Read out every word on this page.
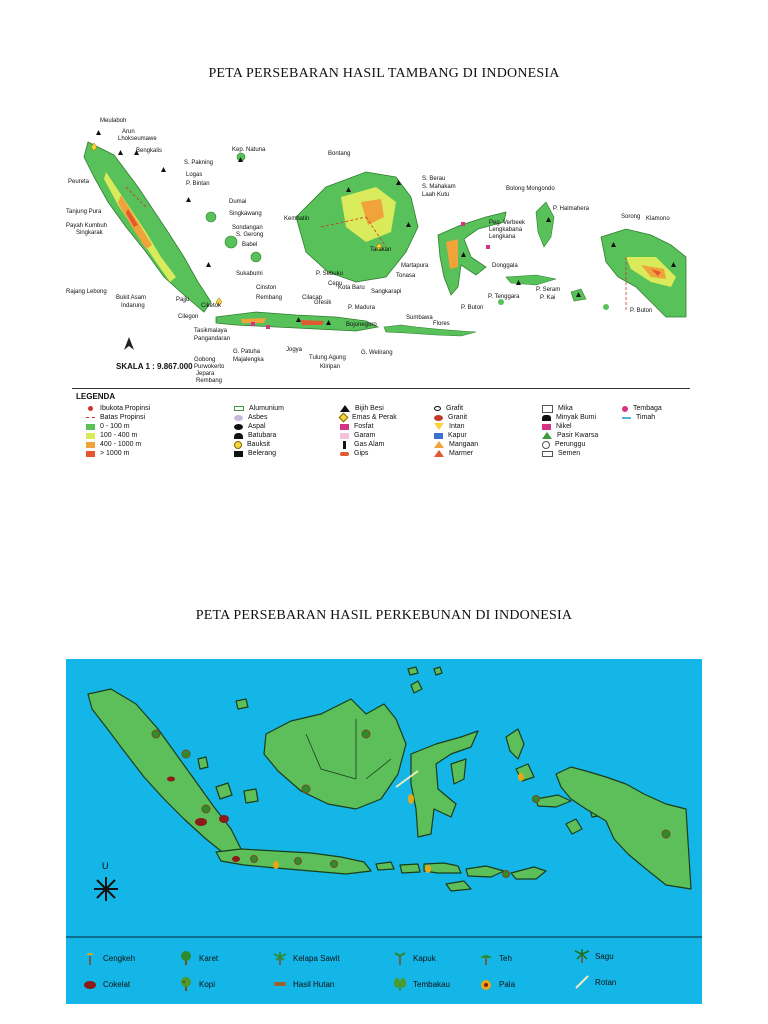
PETA PERSEBARAN HASIL TAMBANG DI INDONESIA
Meulaboh
Arun
Lhokseumawe
Bengkalis
Peureta
S. Pakning
Logas
P. Bintan
Kep. Natuna
Bontang
S. Berau
S. Mahakam
Laah Kutu
Bolong Mongondo
P. Halmahera
Sorong Klamono
Tanjung Pura
Payah Kumbuh
Singkarak
Dumai
Singkawang
S. Gerong
Sondangan
Babel
Rajang Lebong
Bukit Asam
Indarung
Kembatin
Tarakan
Peg. Verbeek
Lengkabana
Lengkana
Martapura	Donggala
P. Seram
P. Kai
P. Tenggara
Sukabumi	P. Sebuku	Tonasa
Sangkarapi
Cepu
Kota Baru
Cinston
Rembang	Cilacap
Gresik
P. Madura
Sumbawa
P. Buton
Pajju
Ciketok
Cilegon
Tasikmalaya
Pangandaran
Flores
G. Patuha
Majalengka
Jogya
Bojonegoro
Tulung Agung
G. Welirang
Kliripan
Gobong
Purwokerto
Jepara
Rembang
P. Buton
SKALA 1 : 9.867.000
LEGENDA
Ibukota Propinsi
Batas Propinsi
0 - 100 m
100 - 400 m
400 - 1000 m
> 1000 m
Alumunium
Asbes
Aspal
Batubara
Bauksit
Belerang
Bijih Besi
Emas & Perak
Fosfat
Garam
Gas Alam
Gips
Grafit
Granit
Intan
Kapur
Mangaan
Marmer
Mika
Minyak Bumi
Nikel
Pasir Kwarsa
Perunggu
Semen
Tembaga
Timah
PETA PERSEBARAN HASIL PERKEBUNAN DI INDONESIA
U
Cengkeh
Cokelat
Karet
Kopi
Kelapa Sawit
Hasil Hutan
Kapuk
Tembakau
Teh
Pala
Sagu
Rotan
